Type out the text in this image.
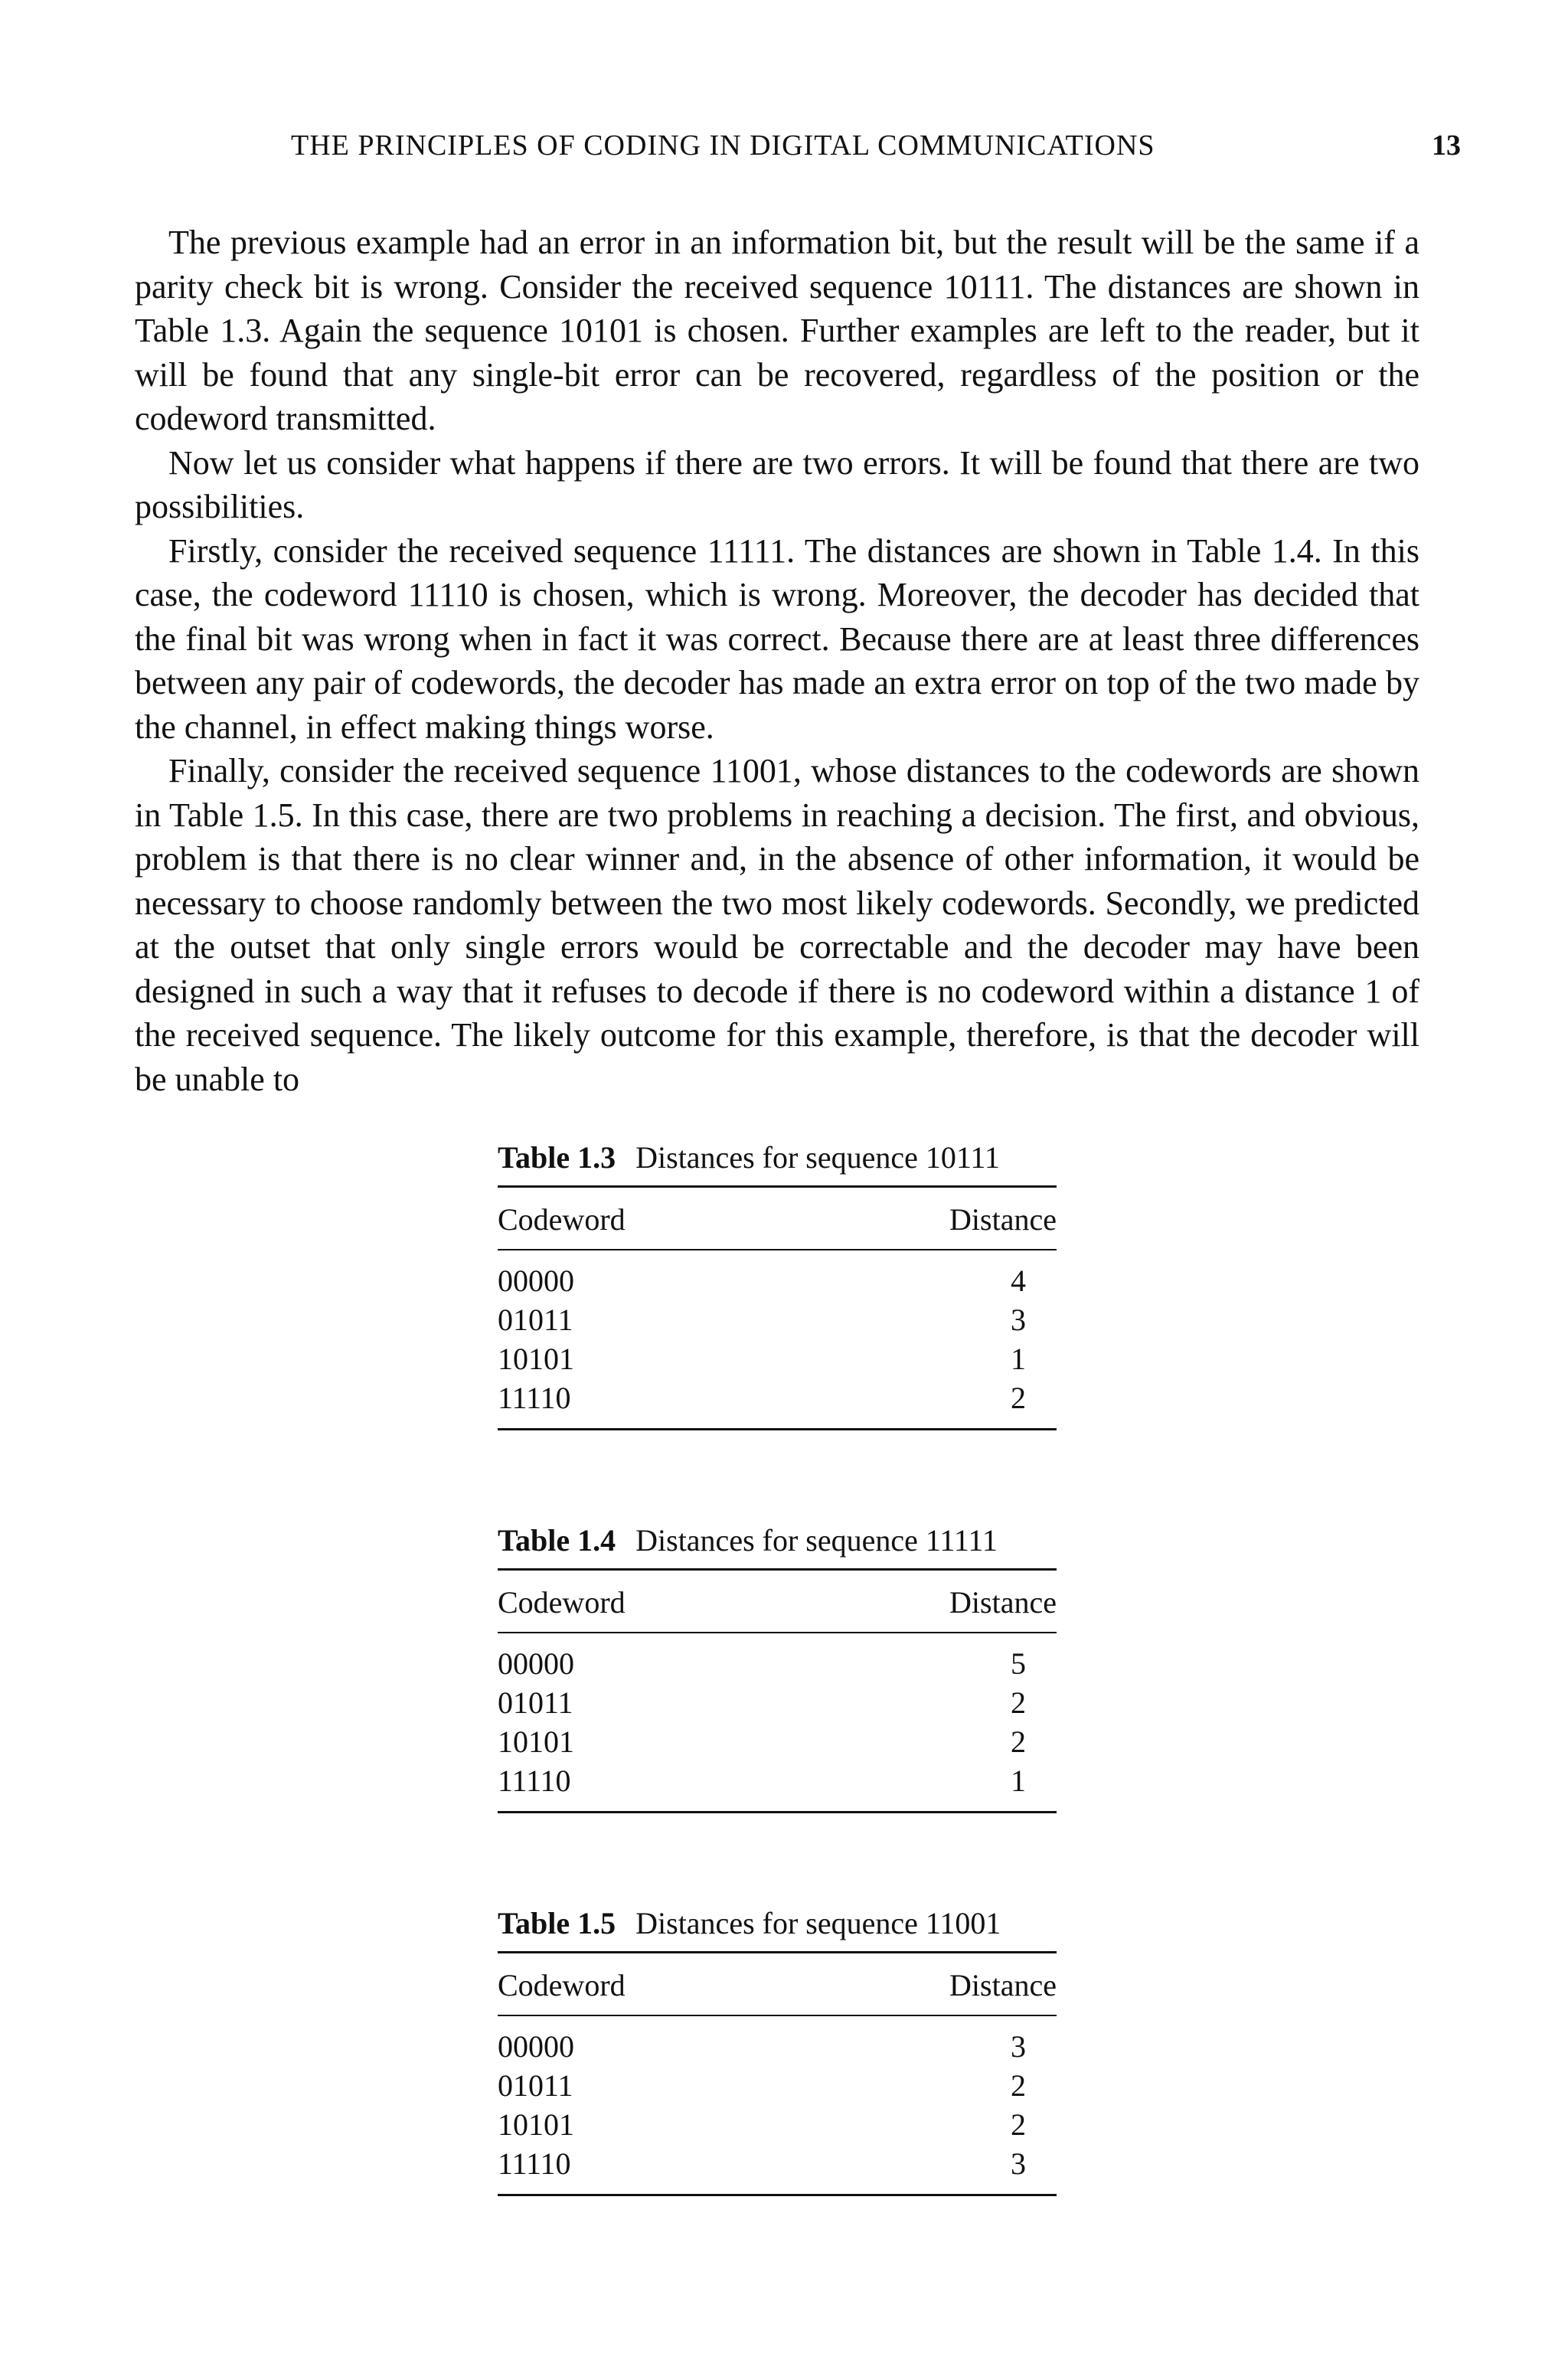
THE PRINCIPLES OF CODING IN DIGITAL COMMUNICATIONS	13

The previous example had an error in an information bit, but the result will be the same if a parity check bit is wrong. Consider the received sequence 10111. The distances are shown in Table 1.3. Again the sequence 10101 is chosen. Further examples are left to the reader, but it will be found that any single-bit error can be recovered, regardless of the position or the codeword transmitted.

Now let us consider what happens if there are two errors. It will be found that there are two possibilities.

Firstly, consider the received sequence 11111. The distances are shown in Table 1.4. In this case, the codeword 11110 is chosen, which is wrong. Moreover, the decoder has decided that the final bit was wrong when in fact it was correct. Because there are at least three differences between any pair of codewords, the decoder has made an extra error on top of the two made by the channel, in effect making things worse.

Finally, consider the received sequence 11001, whose distances to the codewords are shown in Table 1.5. In this case, there are two problems in reaching a decision. The first, and obvious, problem is that there is no clear winner and, in the absence of other information, it would be necessary to choose randomly between the two most likely codewords. Secondly, we predicted at the outset that only single errors would be correctable and the decoder may have been designed in such a way that it refuses to decode if there is no codeword within a distance 1 of the received sequence. The likely outcome for this example, therefore, is that the decoder will be unable to

Table 1.3 Distances for sequence 10111
Codeword	Distance
00000	4
01011	3
10101	1
11110	2
Table 1.4 Distances for sequence 11111
Codeword	Distance
00000	5
01011	2
10101	2
11110	1
Table 1.5 Distances for sequence 11001
Codeword	Distance
00000	3
01011	2
10101	2
11110	3
